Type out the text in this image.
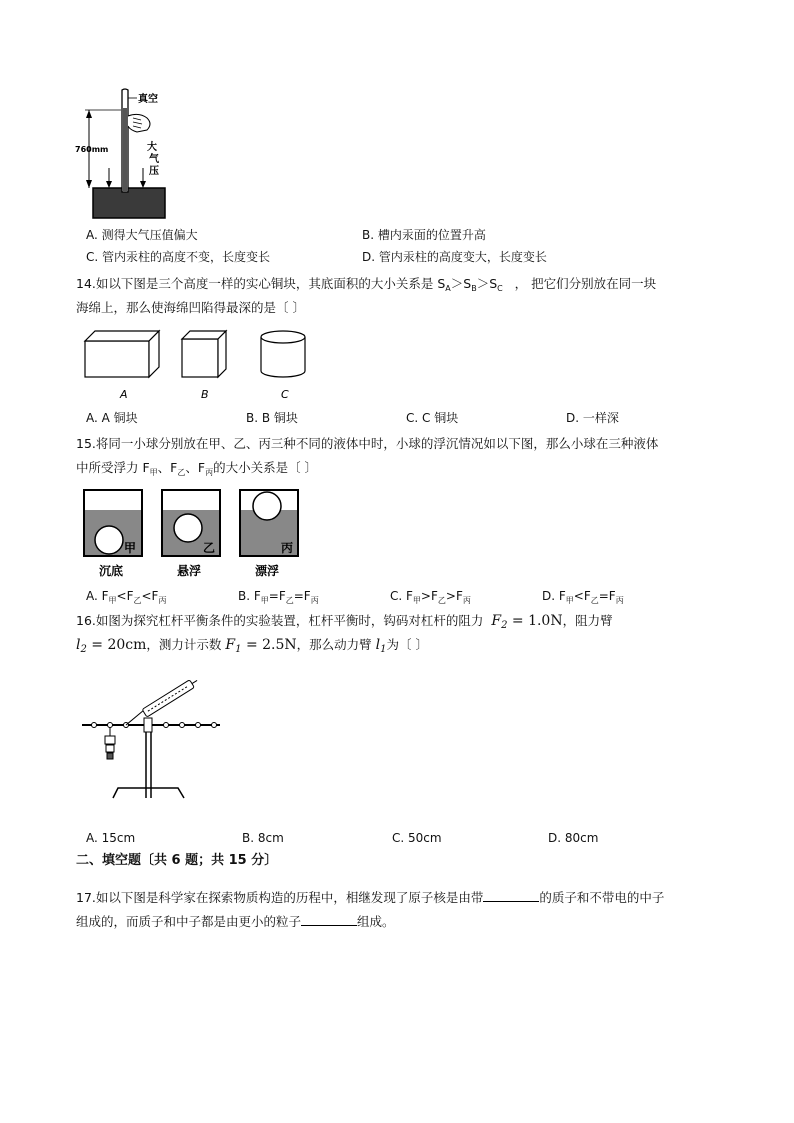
真空
760mm	大
气
压
A. 测得大气压值偏大	B. 槽内汞面的位置升高
C. 管内汞柱的高度不变，长度变长	D. 管内汞柱的高度变大，长度变长
14.如以下图是三个高度一样的实心铜块，其底面积的大小关系是 $S_A>S_B>S_C$ ， 把它们分别放在同一块
海绵上，那么使海绵凹陷得最深的是〔 〕
A	B	C
A. A 铜块	B. B 铜块	C. C 铜块	D. 一样深
15.将同一小球分别放在甲、乙、丙三种不同的液体中时，小球的浮沉情况如以下图，那么小球在三种液体
中所受浮力 $F_甲$、$F_乙$、$F_丙$的大小关系是〔 〕
甲	乙	丙
沉底	悬浮	漂浮
A. $F_甲<F_乙<F_丙$	B. $F_甲=F_乙=F_丙$	C. $F_甲>F_乙>F_丙$	D. $F_甲<F_乙=F_丙$
16.如图为探究杠杆平衡条件的实验装置，杠杆平衡时，钩码对杠杆的阻力 $F_2 = 1.0N$，阻力臂
$l_2 = 20cm$，测力计示数 $F_1 = 2.5N$，那么动力臂 $l_1$为〔 〕
A. 15cm	B. 8cm	C. 50cm	D. 80cm
二、填空题〔共 6 题；共 15 分〕
17.如以下图是科学家在探索物质构造的历程中，相继发现了原子核是由带	的质子和不带电的中子
组成的，而质子和中子都是由更小的粒子	组成。
